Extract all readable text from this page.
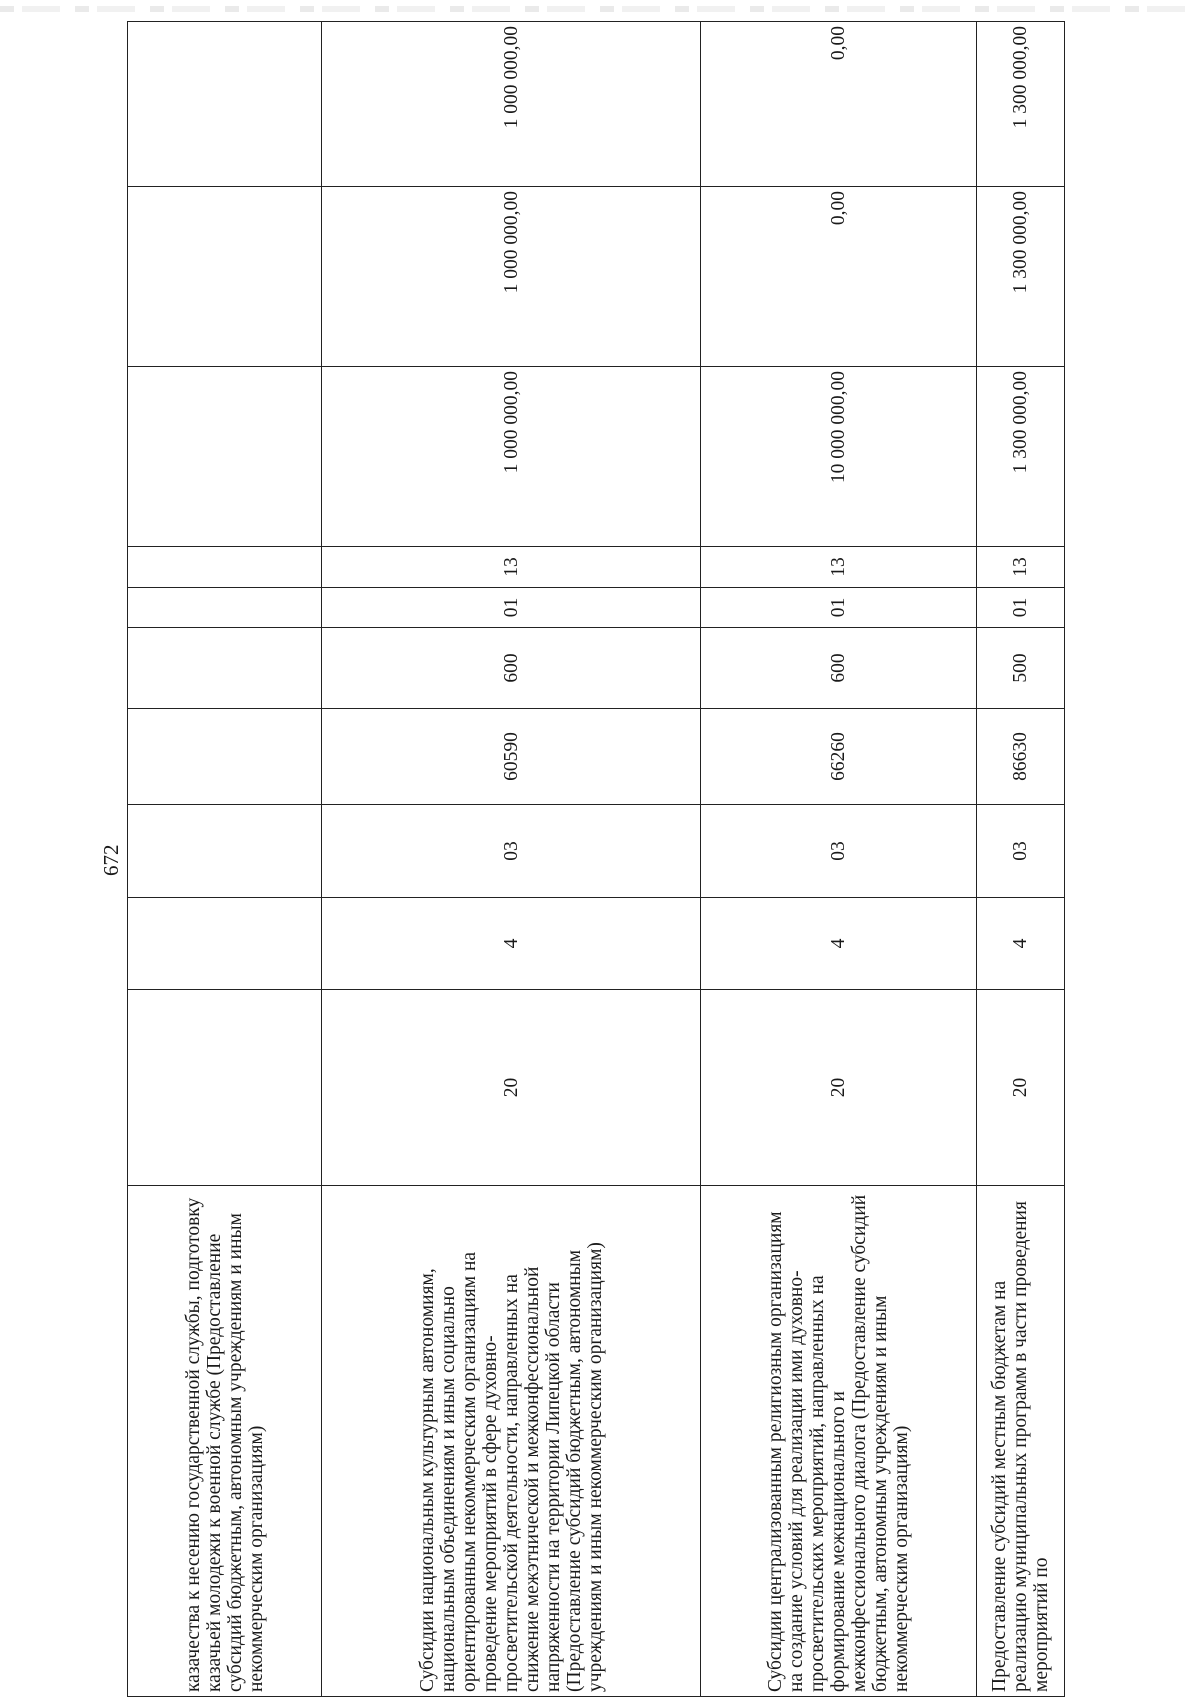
672
казачества к несению государственной службы, подготовку казачьей молодежи к военной службе (Предоставление субсидий бюджетным, автономным учреждениям и иным некоммерческим организациям)										
Субсидии национальным культурным автономиям, национальным объединениям и иным социально ориентированным некоммерческим организациям на проведение мероприятий в сфере духовно-просветительской деятельности, направленных на снижение межэтнической и межконфессиональной напряженности на территории Липецкой области (Предоставление субсидий бюджетным, автономным учреждениям и иным некоммерческим организациям)	20	4	03	60590	600	01	13	1 000 000,00	1 000 000,00	1 000 000,00
Субсидии централизованным религиозным организациям на создание условий для реализации ими духовно-просветительских мероприятий, направленных на формирование межнационального и межконфессионального диалога (Предоставление субсидий бюджетным, автономным учреждениям и иным некоммерческим организациям)	20	4	03	66260	600	01	13	10 000 000,00	0,00	0,00
Предоставление субсидий местным бюджетам на реализацию муниципальных программ в части проведения мероприятий по	20	4	03	86630	500	01	13	1 300 000,00	1 300 000,00	1 300 000,00
